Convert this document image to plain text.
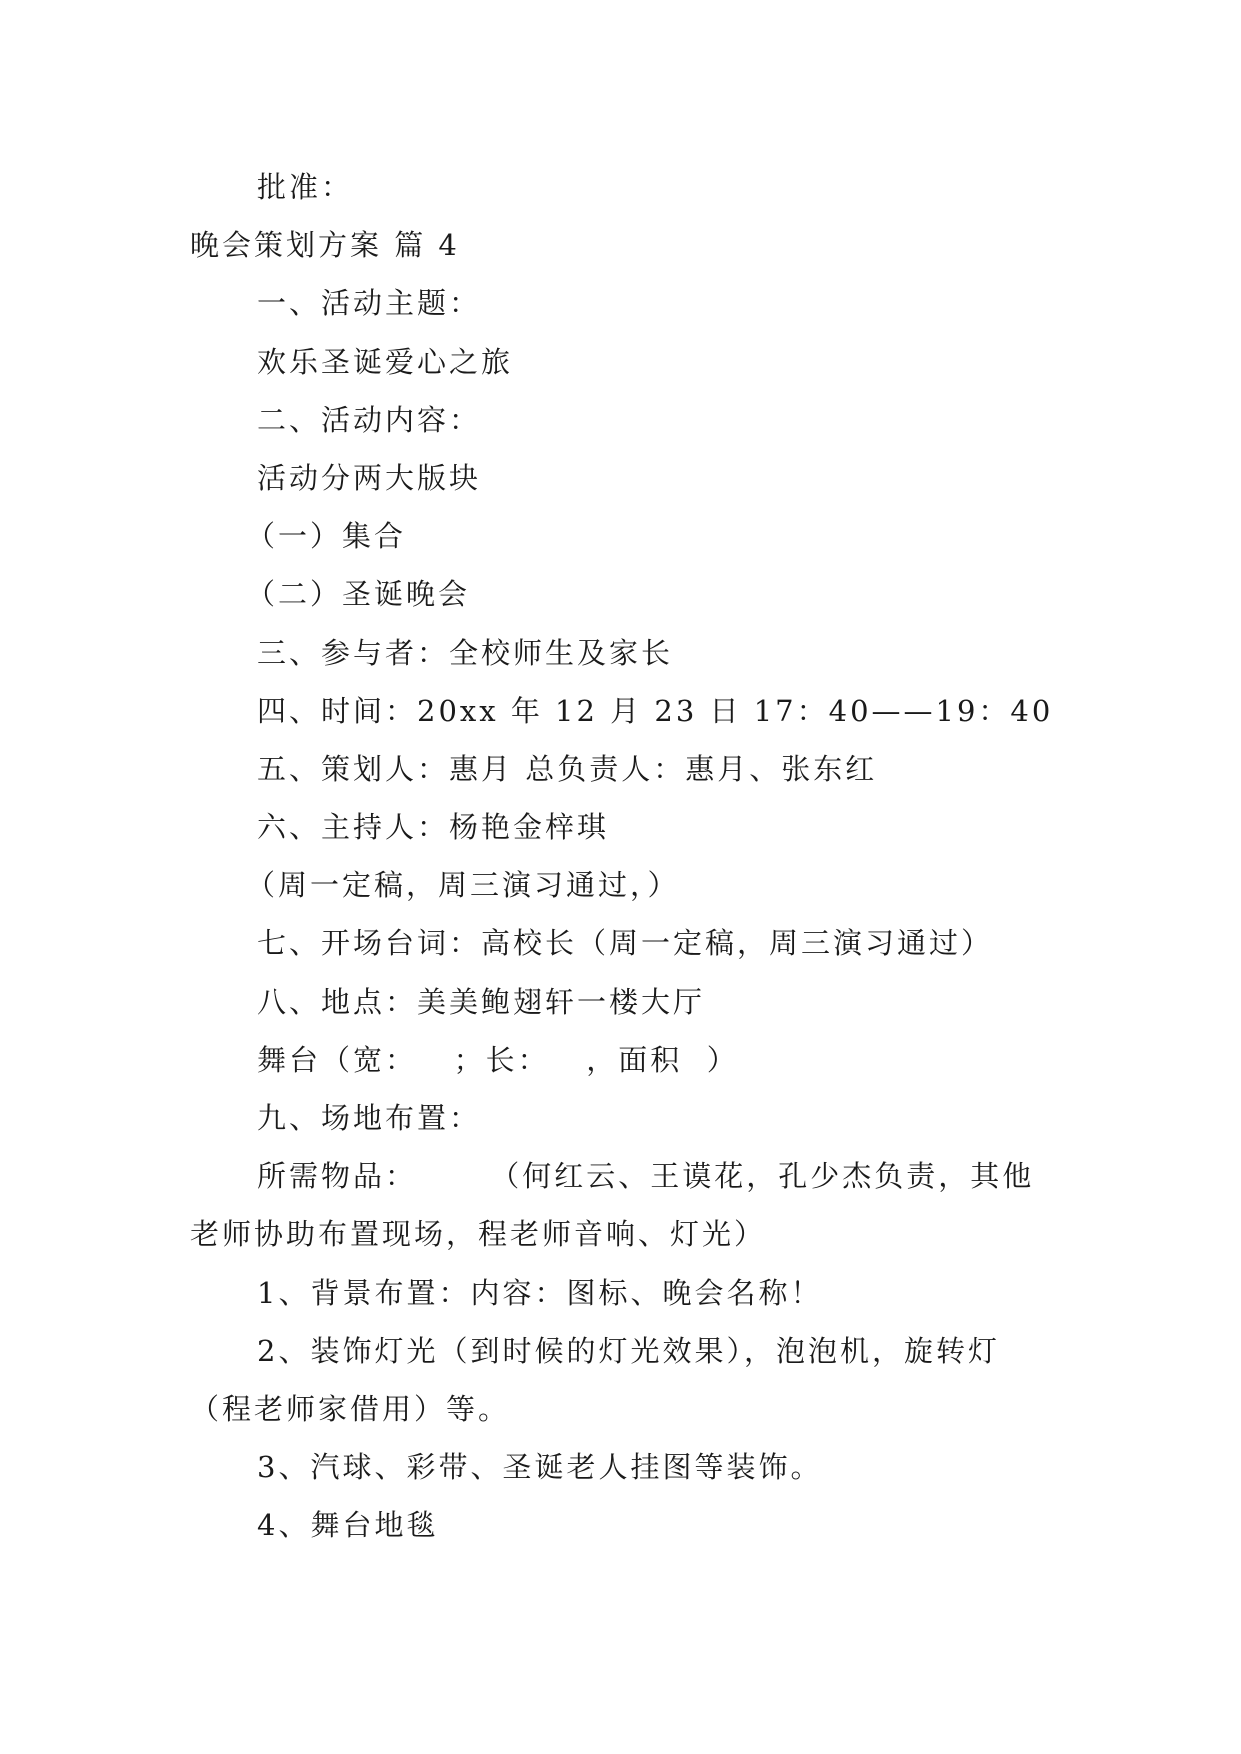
批准：
晚会策划方案 篇 4
一、活动主题：
欢乐圣诞爱心之旅
二、活动内容：
活动分两大版块
（一）集合
（二）圣诞晚会
三、参与者：全校师生及家长
四、时间：20xx 年 12 月 23 日 17：40——19：40
五、策划人：惠月 总负责人：惠月、张东红
六、主持人：杨艳金梓琪
（周一定稿，周三演习通过，）
七、开场台词：高校长（周一定稿，周三演习通过）
八、地点：美美鲍翅轩一楼大厅
舞台（宽：   ；长：   ，面积  ）
九、场地布置：
所需物品：      （何红云、王谟花，孔少杰负责，其他
老师协助布置现场，程老师音响、灯光）
1、背景布置：内容：图标、晚会名称！
2、装饰灯光（到时候的灯光效果），泡泡机，旋转灯
（程老师家借用）等。
3、汽球、彩带、圣诞老人挂图等装饰。
4、舞台地毯
